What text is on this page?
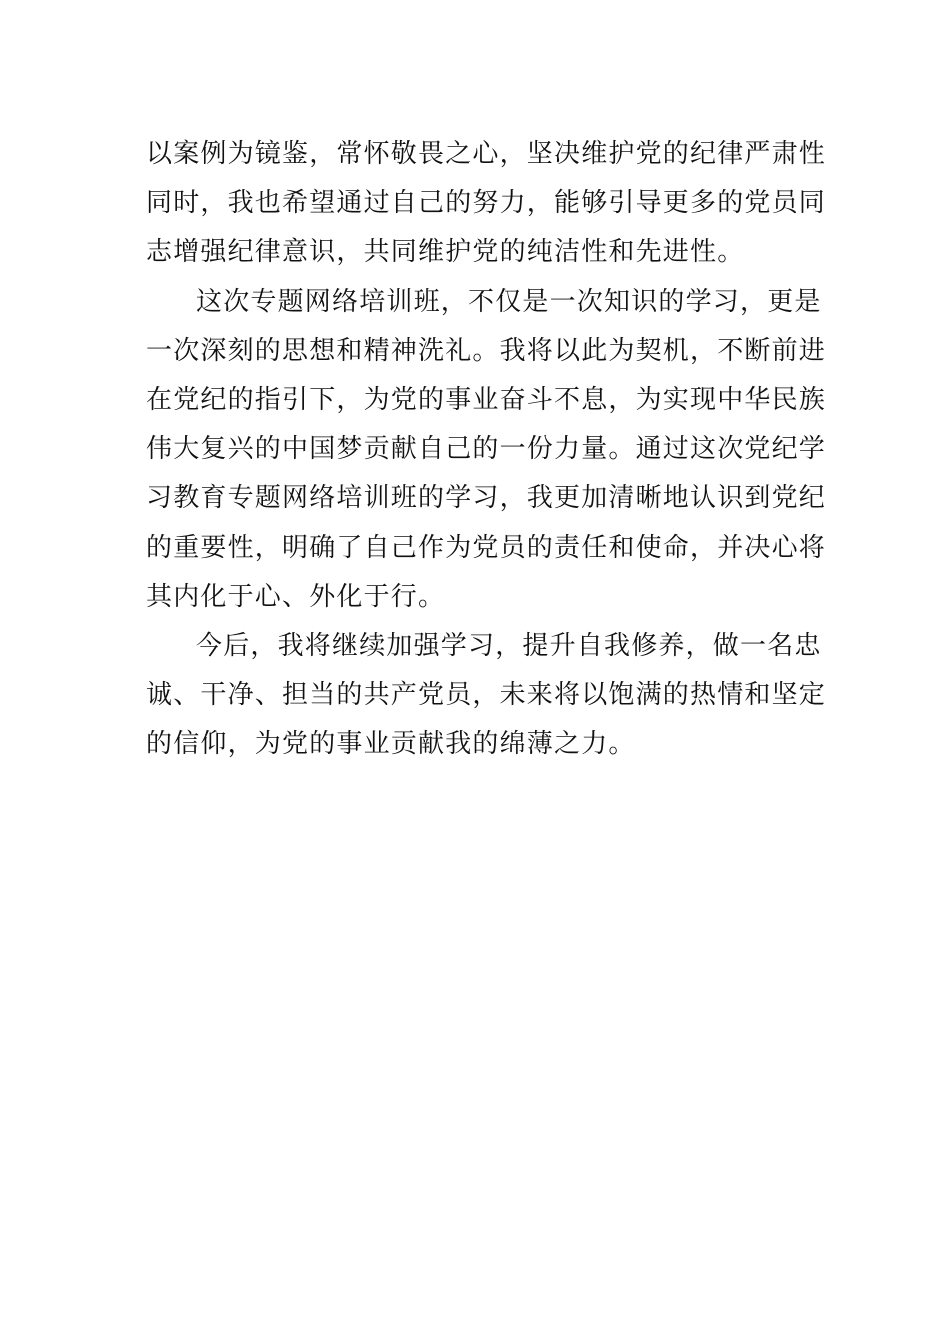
以案例为镜鉴，常怀敬畏之心，坚决维护党的纪律严肃性
同时，我也希望通过自己的努力，能够引导更多的党员同
志增强纪律意识，共同维护党的纯洁性和先进性。
这次专题网络培训班，不仅是一次知识的学习，更是
一次深刻的思想和精神洗礼。我将以此为契机，不断前进
在党纪的指引下，为党的事业奋斗不息，为实现中华民族
伟大复兴的中国梦贡献自己的一份力量。通过这次党纪学
习教育专题网络培训班的学习，我更加清晰地认识到党纪
的重要性，明确了自己作为党员的责任和使命，并决心将
其内化于心、外化于行。
今后，我将继续加强学习，提升自我修养，做一名忠
诚、干净、担当的共产党员，未来将以饱满的热情和坚定
的信仰，为党的事业贡献我的绵薄之力。
